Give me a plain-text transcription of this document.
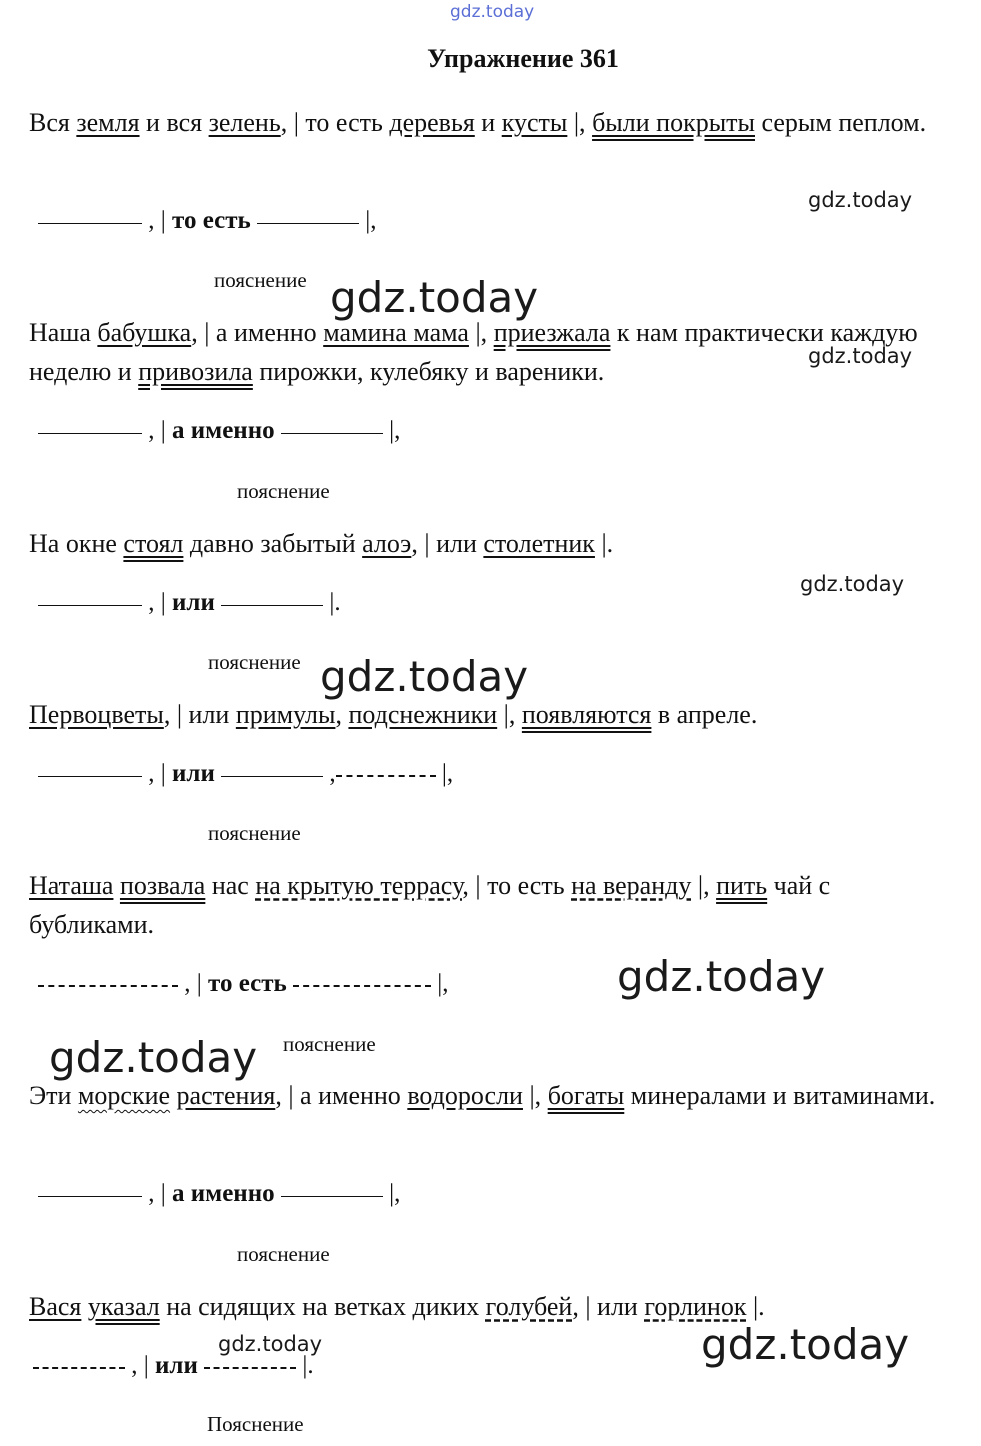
gdz.today
Упражнение 361
Вся земля и вся зелень, | то есть деревья и кусты |, были покрыты серым пеплом.
, | то есть	|,
пояснение
Наша бабушка, | а именно мамина мама |, приезжала к нам практически каждую неделю и привозила пирожки, кулебяку и вареники.
, | а именно	|,
пояснение
На окне стоял давно забытый алоэ, | или столетник |.
, | или	|.
пояснение
Первоцветы, | или примулы, подснежники |, появляются в апреле.
, | или	,	|,
пояснение
Наташа позвала нас на крытую террасу, | то есть на веранду |, пить чай с бубликами.
, | то есть	|,
пояснение
Эти морские растения, | а именно водоросли |, богаты минералами и витаминами.
, | а именно	|,
пояснение
Вася указал на сидящих на ветках диких голубей, | или горлинок |.
, | или	|.
Пояснение
gdz.today
gdz.today
gdz.today
gdz.today
gdz.today
gdz.today
gdz.today
gdz.today	gdz.today
